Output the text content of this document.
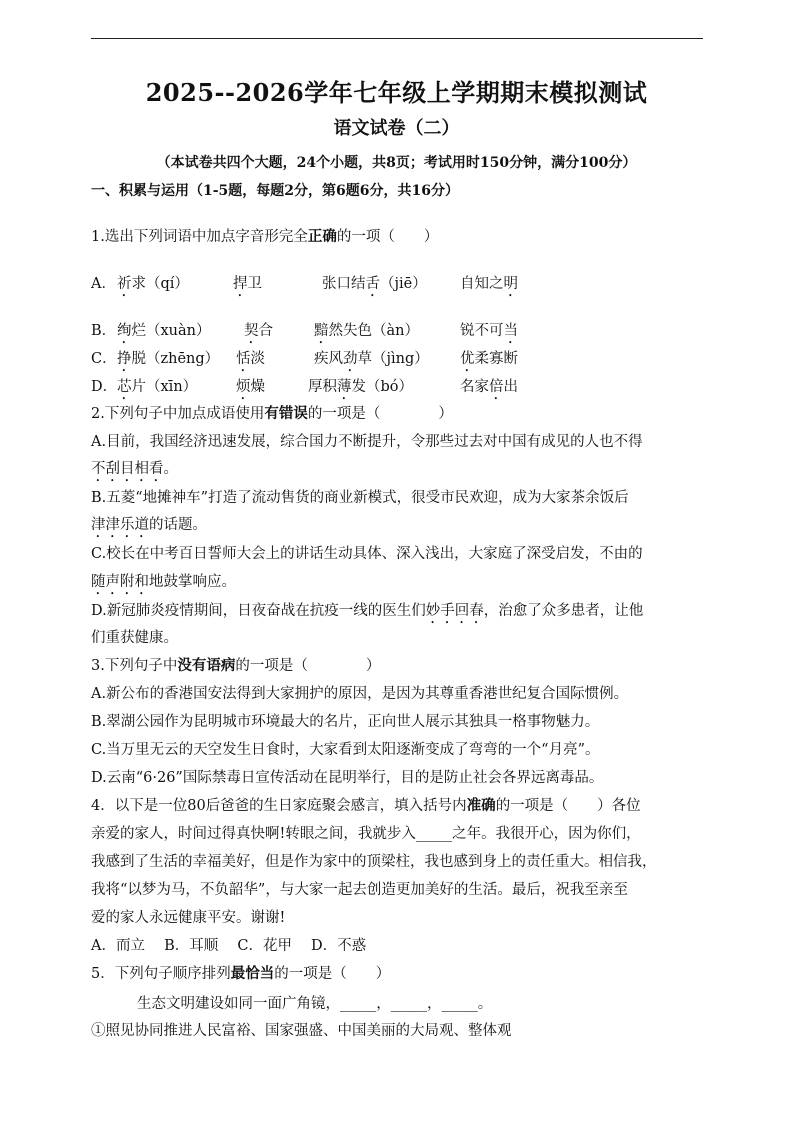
2025--2026学年七年级上学期期末模拟测试
语文试卷（二）
（本试卷共四个大题，24个小题，共8页；考试用时150分钟，满分100分）
一、积累与运用（1-5题，每题2分，第6题6分，共16分）
1.选出下列词语中加点字音形完全正确的一项（　　）
A． 祈求（qí）	捍卫	张口结舌（jiē） 自知之明
B． 绚烂（xuàn） 契合	黯然失色（àn）	锐不可当
C． 挣脱（zhēng） 恬淡	疾风劲草（jìng） 优柔寡断
D． 芯片（xīn）	烦燥	厚积薄发（bó）	名家倍出
2.下列句子中加点成语使用有错误的一项是（　　　　）
A.目前，我国经济迅速发展，综合国力不断提升，令那些过去对中国有成见的人也不得
不刮目相看。
B.五菱“地摊神车”打造了流动售货的商业新模式，很受市民欢迎，成为大家茶余饭后
津津乐道的话题。
C.校长在中考百日誓师大会上的讲话生动具体、深入浅出，大家庭了深受启发，不由的
随声附和地鼓掌响应。
D.新冠肺炎疫情期间，日夜奋战在抗疫一线的医生们妙手回春，治愈了众多患者，让他
们重获健康。
3.下列句子中没有语病的一项是（　　　　）
A.新公布的香港国安法得到大家拥护的原因，是因为其尊重香港世纪复合国际惯例。
B.翠湖公园作为昆明城市环境最大的名片，正向世人展示其独具一格事物魅力。
C.当万里无云的天空发生日食时，大家看到太阳逐渐变成了弯弯的一个“月亮”。
D.云南“6·26”国际禁毒日宣传活动在昆明举行，目的是防止社会各界远离毒品。
4．以下是一位80后爸爸的生日家庭聚会感言，填入括号内准确的一项是（　　）各位
亲爱的家人，时间过得真快啊!转眼之间，我就步入_____之年。我很开心，因为你们，
我感到了生活的幸福美好，但是作为家中的顶梁柱，我也感到身上的责任重大。相信我，
我将“以梦为马，不负韶华”，与大家一起去创造更加美好的生活。最后，祝我至亲至
爱的家人永远健康平安。谢谢!
A．而立　 B．耳顺　 C．花甲　 D．不惑
5．下列句子顺序排列最恰当的一项是（　　）
生态文明建设如同一面广角镜，_____，_____，_____。
①照见协同推进人民富裕、国家强盛、中国美丽的大局观、整体观
